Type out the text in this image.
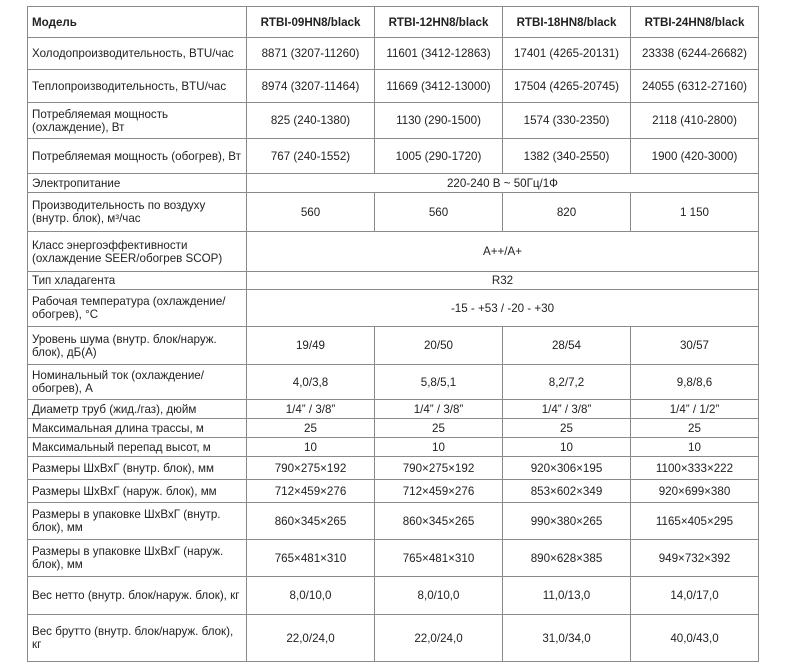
Модель	RTBI-09HN8/black	RTBI-12HN8/black	RTBI-18HN8/black	RTBI-24HN8/black
Холодопроизводительность, BTU/час	8871 (3207-11260)	11601 (3412-12863)	17401 (4265-20131)	23338 (6244-26682)
Теплопроизводительность, BTU/час	8974 (3207-11464)	11669 (3412-13000)	17504 (4265-20745)	24055 (6312-27160)
Потребляемая мощность (охлаждение), Вт	825 (240-1380)	1130 (290-1500)	1574 (330-2350)	2118 (410-2800)
Потребляемая мощность (обогрев), Вт	767 (240-1552)	1005 (290-1720)	1382 (340-2550)	1900 (420-3000)
Электропитание	220-240 В ~ 50Гц/1Ф			
Производительность по воздуху (внутр. блок), м³/час	560	560	820	1 150
Класс энергоэффективности (охлаждение SEER/обогрев SCOP)	А++/А+			
Тип хладагента	R32			
Рабочая температура (охлаждение/обогрев), °С	-15 - +53 / -20 - +30			
Уровень шума (внутр. блок/наруж. блок), дБ(А)	19/49	20/50	28/54	30/57
Номинальный ток (охлаждение/обогрев), А	4,0/3,8	5,8/5,1	8,2/7,2	9,8/8,6
Диаметр труб (жид./газ), дюйм	1/4” / 3/8”	1/4” / 3/8”	1/4” / 3/8”	1/4” / 1/2”
Максимальная длина трассы, м	25	25	25	25
Максимальный перепад высот, м	10	10	10	10
Размеры ШхВхГ (внутр. блок), мм	790×275×192	790×275×192	920×306×195	1100×333×222
Размеры ШхВхГ (наруж. блок), мм	712×459×276	712×459×276	853×602×349	920×699×380
Размеры в упаковке ШхВхГ (внутр. блок), мм	860×345×265	860×345×265	990×380×265	1165×405×295
Размеры в упаковке ШхВхГ (наруж. блок), мм	765×481×310	765×481×310	890×628×385	949×732×392
Вес нетто (внутр. блок/наруж. блок), кг	8,0/10,0	8,0/10,0	11,0/13,0	14,0/17,0
Вес брутто (внутр. блок/наруж. блок), кг	22,0/24,0	22,0/24,0	31,0/34,0	40,0/43,0
